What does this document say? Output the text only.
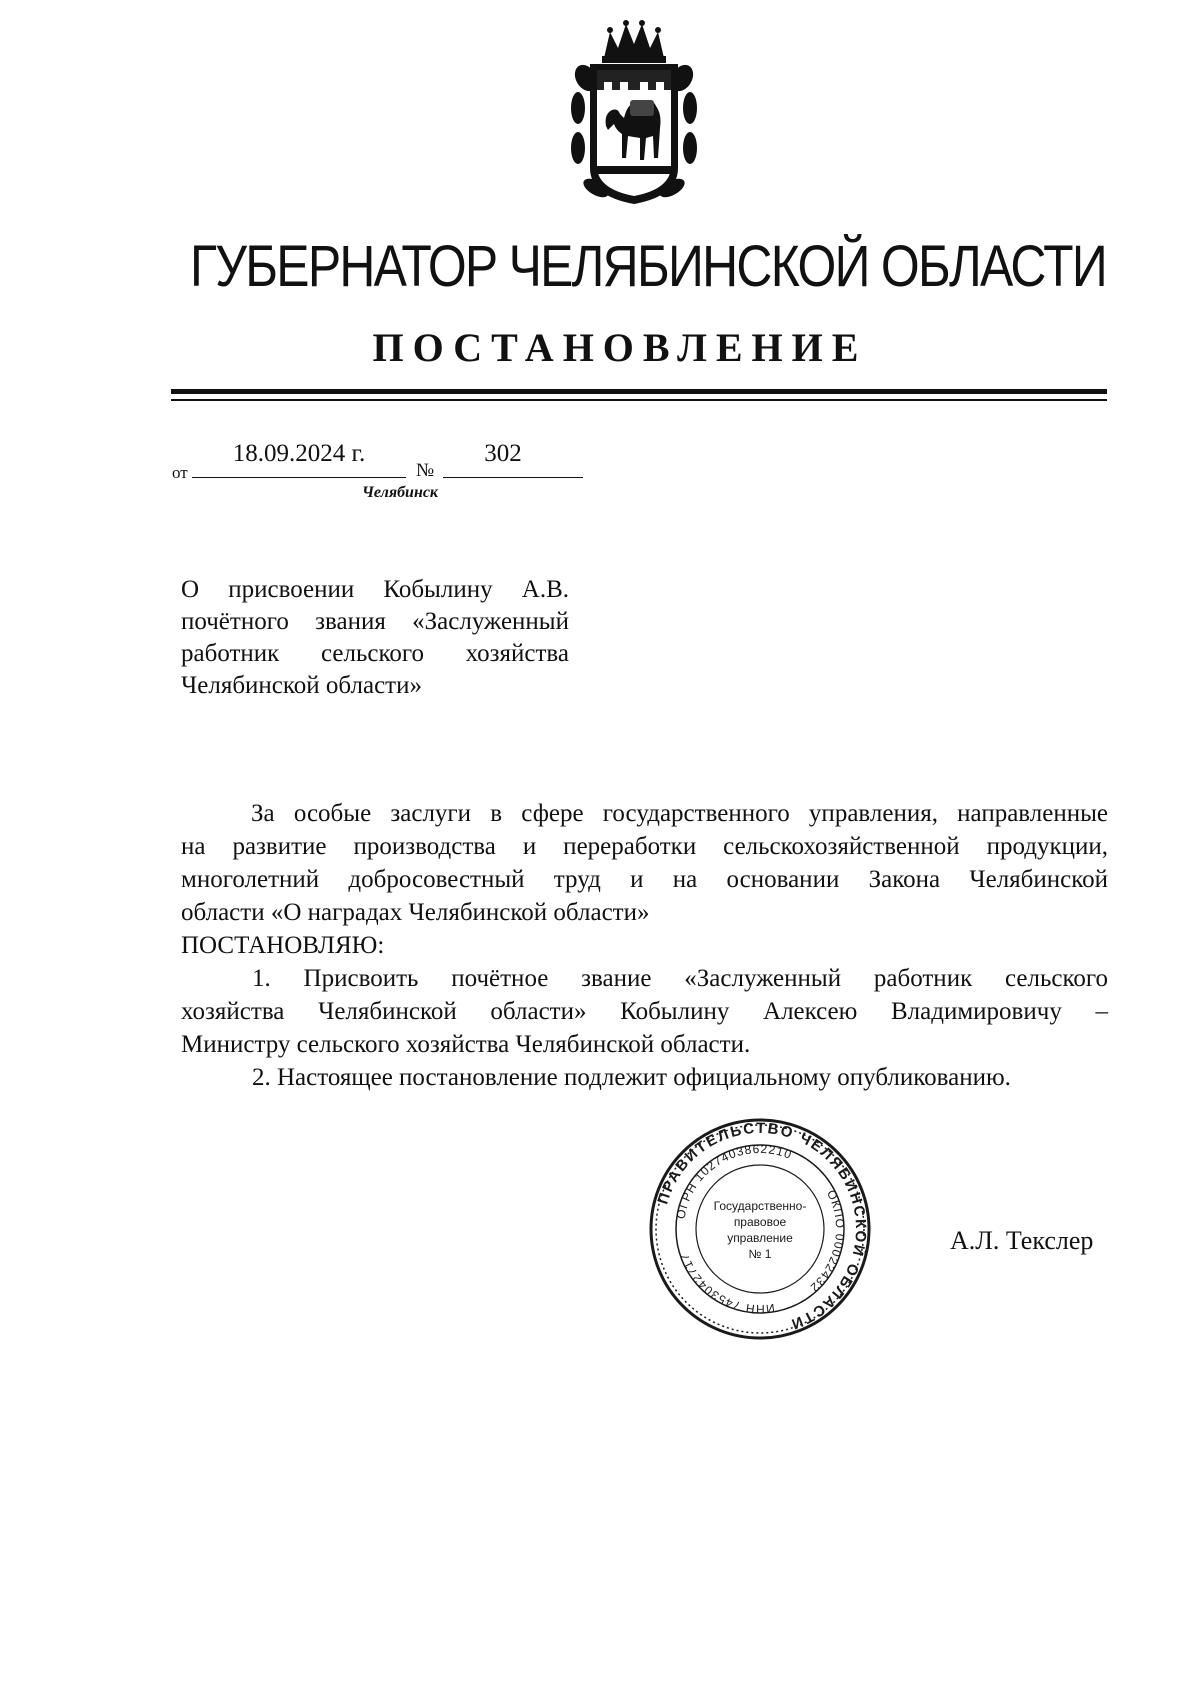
ГУБЕРНАТОР ЧЕЛЯБИНСКОЙ ОБЛАСТИ
ПОСТАНОВЛЕНИЕ
от
18.09.2024 г.
№
302
Челябинск
О присвоении Кобылину А.В.
почётного звания «Заслуженный
работник сельского хозяйства
Челябинской области»
За особые заслуги в сфере государственного управления, направленные
на развитие производства и переработки сельскохозяйственной продукции,
многолетний добросовестный труд и на основании Закона Челябинской
области «О наградах Челябинской области»
ПОСТАНОВЛЯЮ:
1. Присвоить почётное звание «Заслуженный работник сельского
хозяйства Челябинской области» Кобылину Алексею Владимировичу –
Министру сельского хозяйства Челябинской области.
2. Настоящее постановление подлежит официальному опубликованию.
ПРАВИТЕЛЬСТВО ЧЕЛЯБИНСКОЙ ОБЛАСТИ
ОГРН 1027403862210
ОКПО 00022432
ИНН 7453042717
Государственно-
правовое
управление
№ 1	А.Л. Текслер
